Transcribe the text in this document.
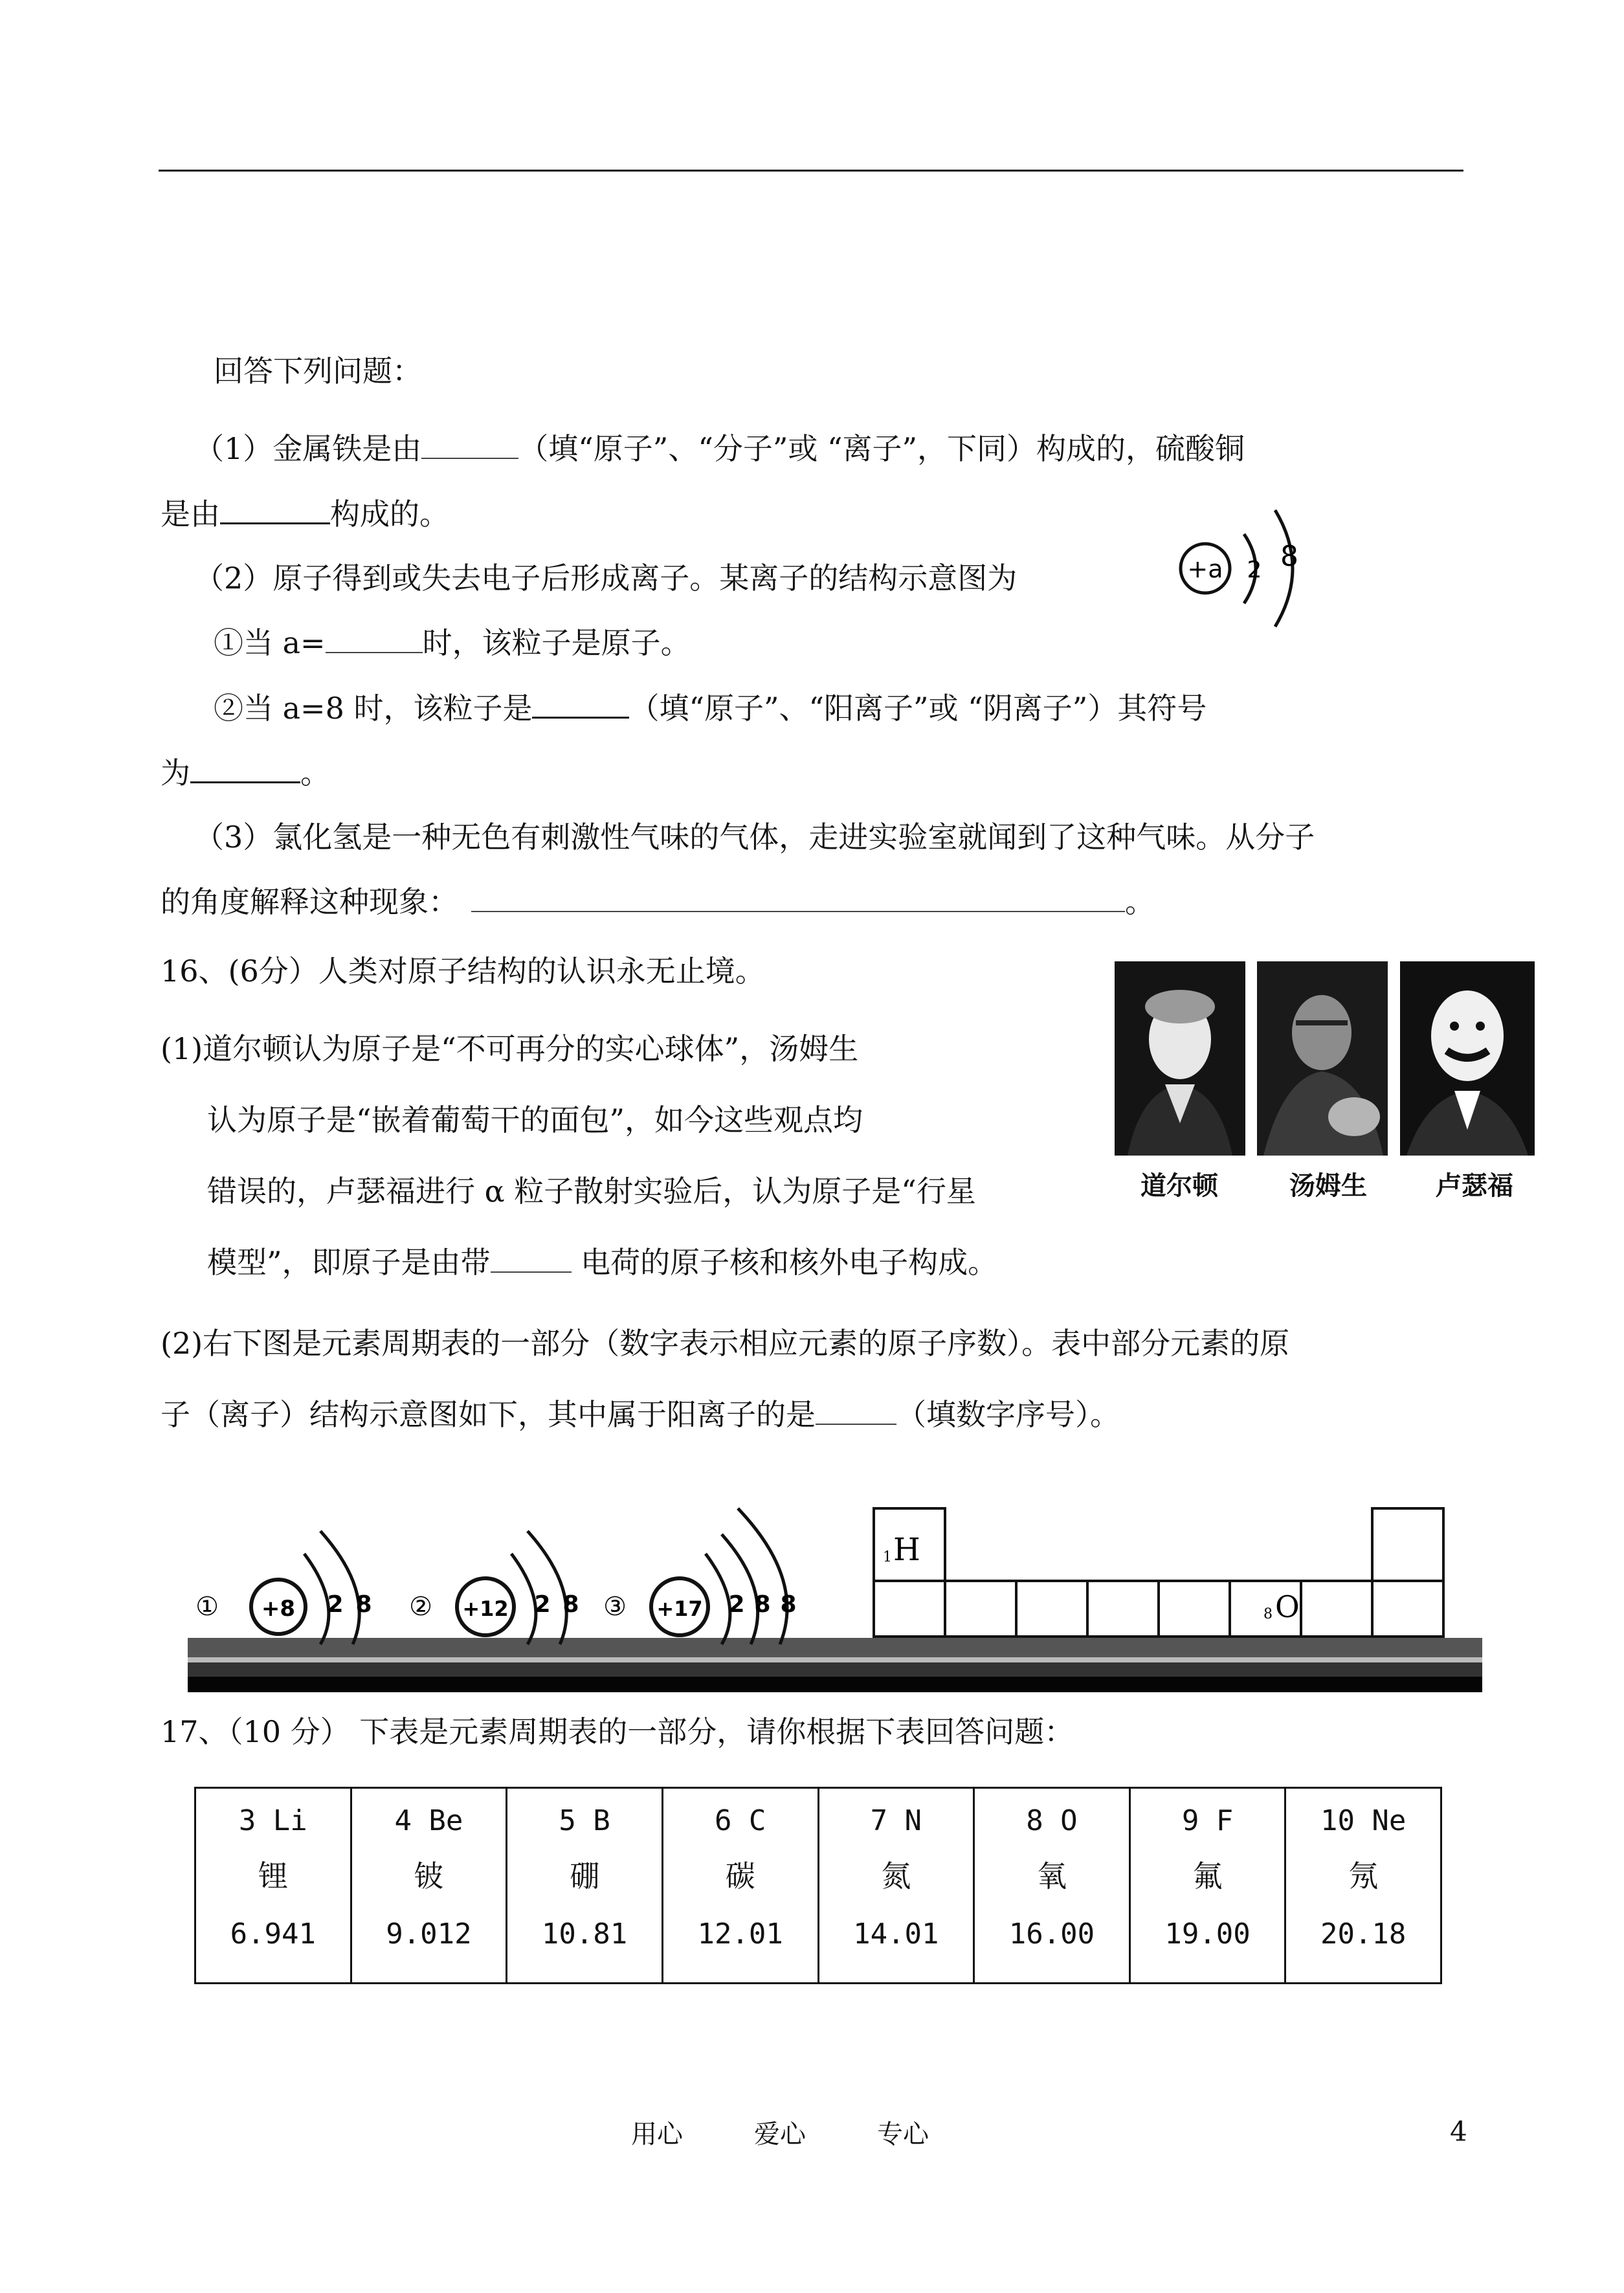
回答下列问题：
（1）金属铁是由	（填“原子”、“分子”或 “离子”，下同）构成的，硫酸铜
是由	构成的。
（2）原子得到或失去电子后形成离子。某离子的结构示意图为	+a 2 8
①当 a=	时，该粒子是原子。
②当 a=8 时，该粒子是	（填“原子”、“阳离子”或 “阴离子”）其符号
为	。
（3）氯化氢是一种无色有刺激性气味的气体，走进实验室就闻到了这种气味。从分子
的角度解释这种现象：	。
16、(6分）人类对原子结构的认识永无止境。
(1)道尔顿认为原子是“不可再分的实心球体”，汤姆生
认为原子是“嵌着葡萄干的面包”，如今这些观点均
错误的，卢瑟福进行 α 粒子散射实验后，认为原子是“行星
模型”，即原子是由带	电荷的原子核和核外电子构成。
道尔顿	汤姆生	卢瑟福
(2)右下图是元素周期表的一部分（数字表示相应元素的原子序数）。表中部分元素的原
子（离子）结构示意图如下，其中属于阳离子的是	（填数字序号）。
① +8 2 8 ② +12 2 8 ③ +17 2 8 8
1 H
8 O
17、（10 分） 下表是元素周期表的一部分，请你根据下表回答问题：
3 Li
锂
6.941

4 Be
铍
9.012

5 B
硼
10.81

6 C
碳
12.01

7 N
氮
14.01

8 O
氧
16.00

9 F
氟
19.00

10 Ne
氖
20.18
用心	爱心	专心	4
